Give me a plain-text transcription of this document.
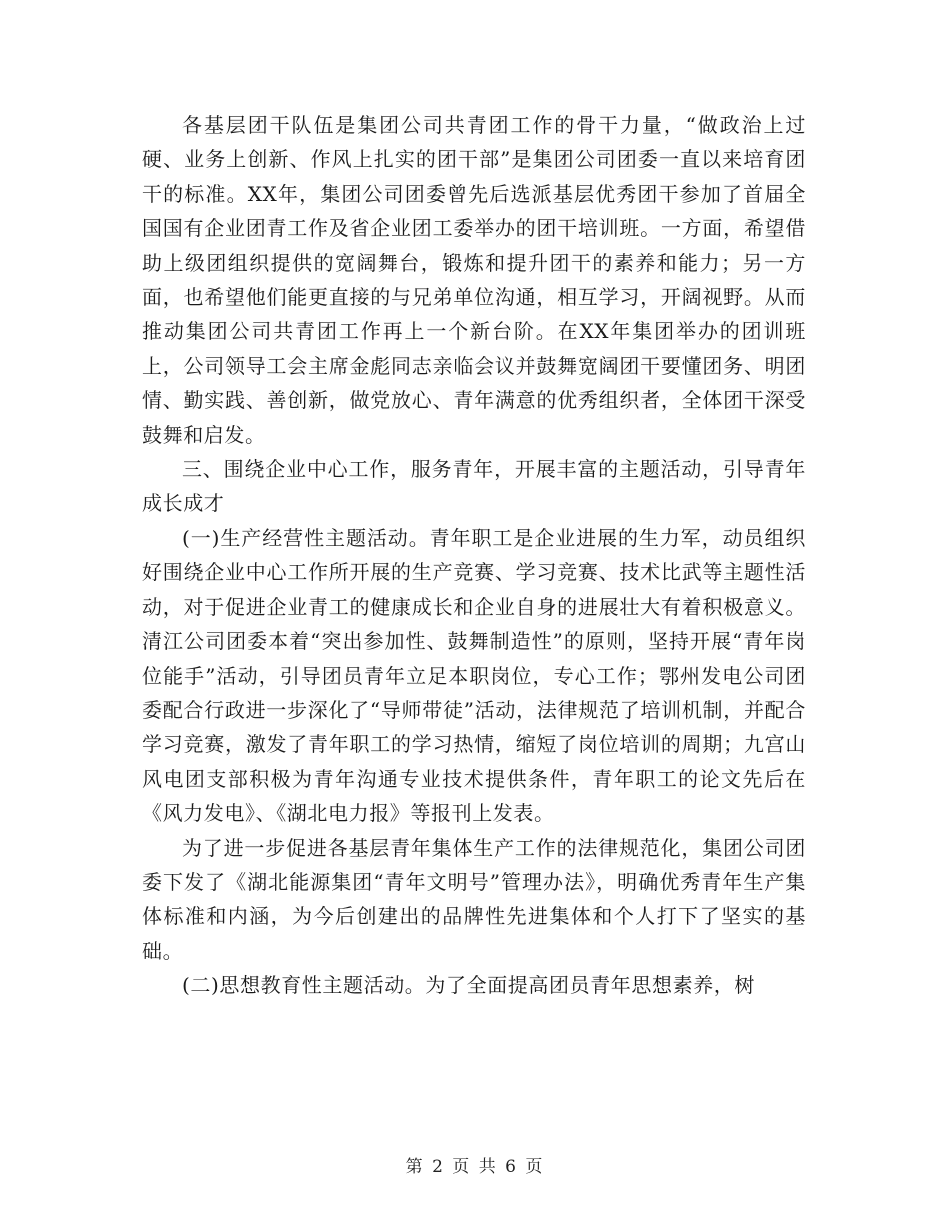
各基层团干队伍是集团公司共青团工作的骨干力量，“做政治上过硬、业务上创新、作风上扎实的团干部”是集团公司团委一直以来培育团干的标准。XX年，集团公司团委曾先后选派基层优秀团干参加了首届全国国有企业团青工作及省企业团工委举办的团干培训班。一方面，希望借助上级团组织提供的宽阔舞台，锻炼和提升团干的素养和能力；另一方面，也希望他们能更直接的与兄弟单位沟通，相互学习，开阔视野。从而推动集团公司共青团工作再上一个新台阶。在XX年集团举办的团训班上，公司领导工会主席金彪同志亲临会议并鼓舞宽阔团干要懂团务、明团情、勤实践、善创新，做党放心、青年满意的优秀组织者，全体团干深受鼓舞和启发。

三、围绕企业中心工作，服务青年，开展丰富的主题活动，引导青年成长成才

(一)生产经营性主题活动。青年职工是企业进展的生力军，动员组织好围绕企业中心工作所开展的生产竞赛、学习竞赛、技术比武等主题性活动，对于促进企业青工的健康成长和企业自身的进展壮大有着积极意义。清江公司团委本着“突出参加性、鼓舞制造性”的原则，坚持开展“青年岗位能手”活动，引导团员青年立足本职岗位，专心工作；鄂州发电公司团委配合行政进一步深化了“导师带徒”活动，法律规范了培训机制，并配合学习竞赛，激发了青年职工的学习热情，缩短了岗位培训的周期；九宫山风电团支部积极为青年沟通专业技术提供条件，青年职工的论文先后在《风力发电》、《湖北电力报》等报刊上发表。

为了进一步促进各基层青年集体生产工作的法律规范化，集团公司团委下发了《湖北能源集团“青年文明号”管理办法》，明确优秀青年生产集体标准和内涵，为今后创建出的品牌性先进集体和个人打下了坚实的基础。

(二)思想教育性主题活动。为了全面提高团员青年思想素养，树

第 2 页 共 6 页
